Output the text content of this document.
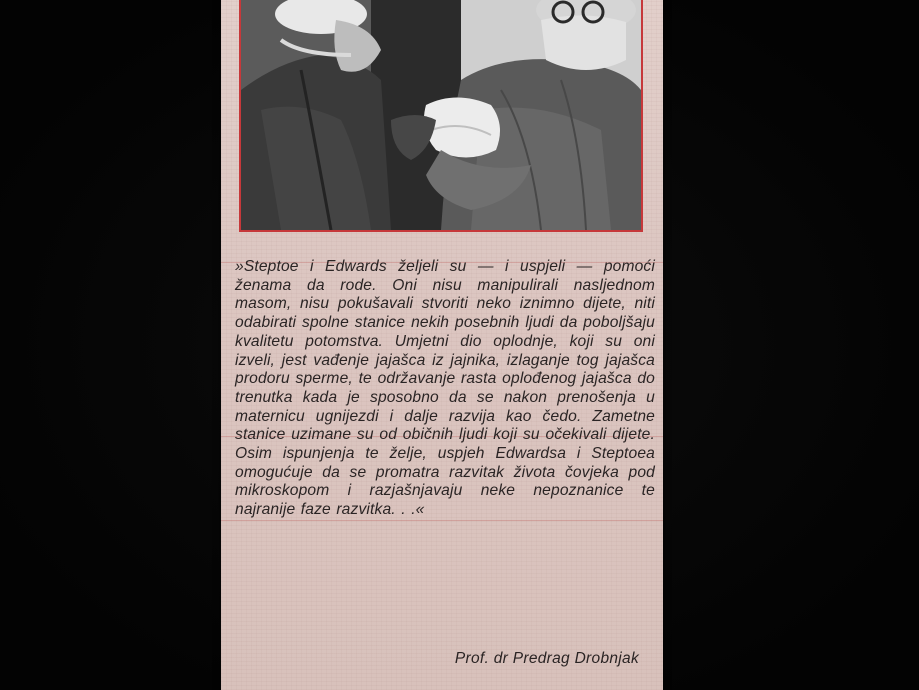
»Steptoe i Edwards željeli su — i uspjeli — pomoći ženama da rode. Oni nisu manipulirali nasljednom masom, nisu pokušavali stvoriti neko iznimno dijete, niti odabirati spolne stanice nekih posebnih ljudi da poboljšaju kvalitetu potomstva. Umjetni dio oplodnje, koji su oni izveli, jest vađenje jajašca iz jajnika, izlaganje tog jajašca prodoru sperme, te održavanje rasta oplođenog jajašca do trenutka kada je sposobno da se nakon prenošenja u maternicu ugnijezdi i dalje razvija kao čedo. Zametne stanice uzimane su od običnih ljudi koji su očekivali dijete. Osim ispunjenja te želje, uspjeh Edwardsa i Steptoea omogućuje da se promatra razvitak života čovjeka pod mikroskopom i razjašnjavaju neke nepoznanice te najranije faze razvitka. . .«

Prof. dr Predrag Drobnjak
